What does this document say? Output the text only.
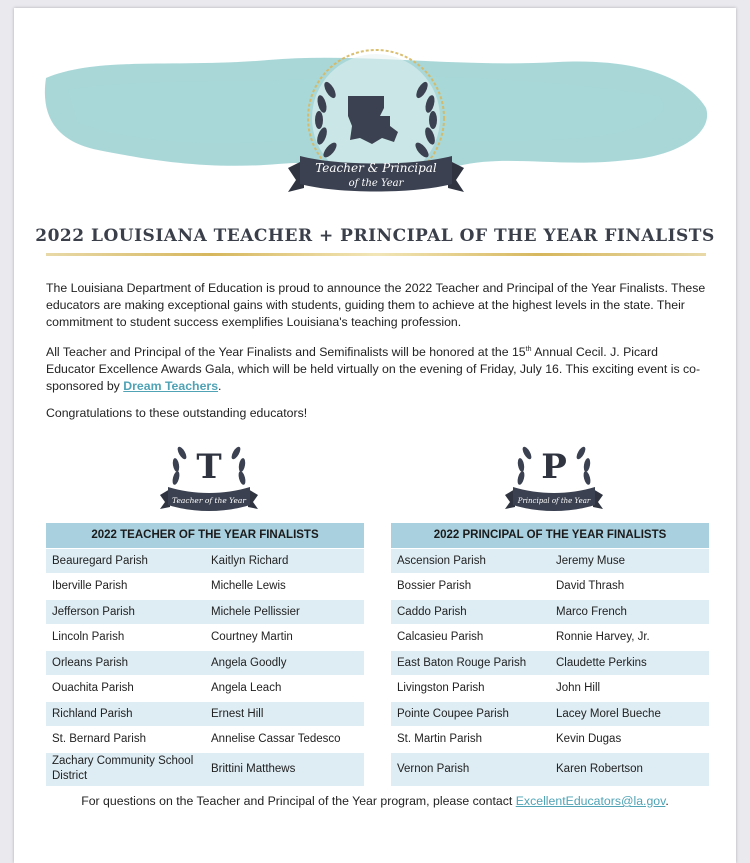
Teacher & Principal
of the Year
2022 LOUISIANA TEACHER + PRINCIPAL OF THE YEAR FINALISTS

The Louisiana Department of Education is proud to announce the 2022 Teacher and Principal of the Year Finalists. These educators are making exceptional gains with students, guiding them to achieve at the highest levels in the state. Their commitment to student success exemplifies Louisiana's teaching profession.

All Teacher and Principal of the Year Finalists and Semifinalists will be honored at the 15th Annual Cecil. J. Picard Educator Excellence Awards Gala, which will be held virtually on the evening of Friday, July 16. This exciting event is co-sponsored by Dream Teachers.

Congratulations to these outstanding educators!

T
Teacher of the Year
P
Principal of the Year
2022 TEACHER OF THE YEAR FINALISTS	
Beauregard Parish	Kaitlyn Richard
Iberville Parish	Michelle Lewis
Jefferson Parish	Michele Pellissier
Lincoln Parish	Courtney Martin
Orleans Parish	Angela Goodly
Ouachita Parish	Angela Leach
Richland Parish	Ernest Hill
St. Bernard Parish	Annelise Cassar Tedesco
Zachary Community School District	Brittini Matthews
2022 PRINCIPAL OF THE YEAR FINALISTS	
Ascension Parish	Jeremy Muse
Bossier Parish	David Thrash
Caddo Parish	Marco French
Calcasieu Parish	Ronnie Harvey, Jr.
East Baton Rouge Parish	Claudette Perkins
Livingston Parish	John Hill
Pointe Coupee Parish	Lacey Morel Bueche
St. Martin Parish	Kevin Dugas
Vernon Parish	Karen Robertson

For questions on the Teacher and Principal of the Year program, please contact ExcellentEducators@la.gov.
